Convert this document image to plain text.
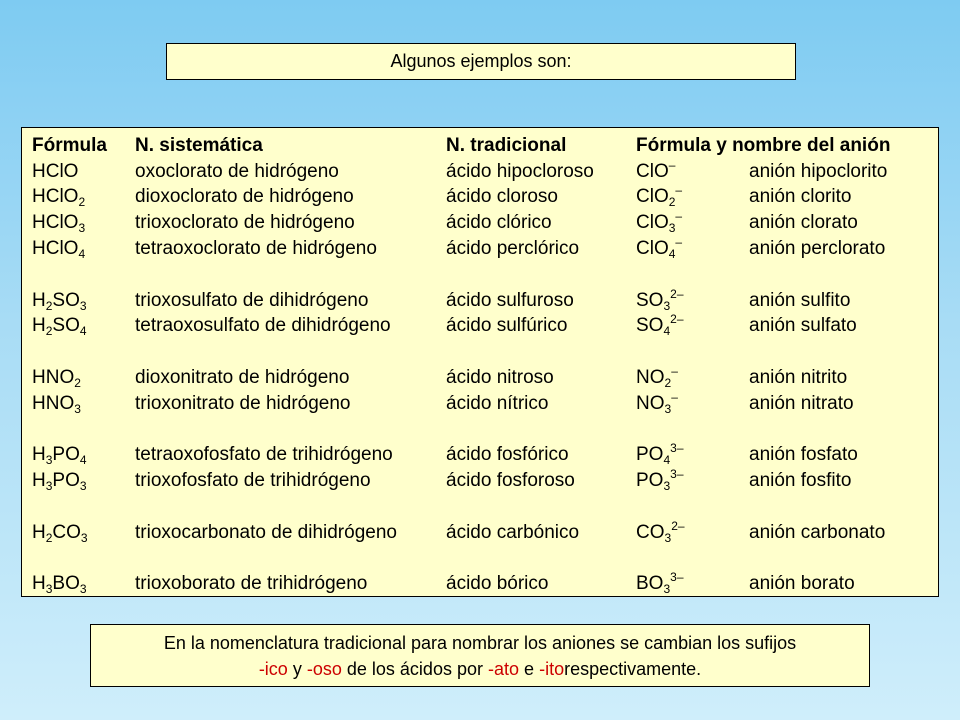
Algunos ejemplos son:
Fórmula	N. sistemática	N. tradicional	Fórmula y nombre del anión	
HClO	oxoclorato de hidrógeno	ácido hipocloroso	ClO–	anión hipoclorito
HClO$_2$	dioxoclorato de hidrógeno	ácido cloroso	ClO$_2$–	anión clorito
HClO$_3$	trioxoclorato de hidrógeno	ácido clórico	ClO$_3$–	anión clorato
HClO$_4$	tetraoxoclorato de hidrógeno	ácido perclórico	ClO$_4$–	anión perclorato

$H_2SO_3$	trioxosulfato de dihidrógeno	ácido sulfuroso	$SO_3^{2-}$	anión sulfito
$H_2SO_4$	tetraoxosulfato de dihidrógeno	ácido sulfúrico	$SO_4^{2-}$	anión sulfato

$HNO_2$	dioxonitrato de hidrógeno	ácido nitroso	$NO_2^-$	anión nitrito
$HNO_3$	trioxonitrato de hidrógeno	ácido nítrico	$NO_3^-$	anión nitrato

$H_3PO_4$	tetraoxofosfato de trihidrógeno	ácido fosfórico	$PO_4^{3-}$	anión fosfato
$H_3PO_3$	trioxofosfato de trihidrógeno	ácido fosforoso	$PO_3^{3-}$	anión fosfito

$H_2CO_3$	trioxocarbonato de dihidrógeno	ácido carbónico	$CO_3^{2-}$	anión carbonato

$H_3BO_3$	trioxoborato de trihidrógeno	ácido bórico	$BO_3^{3-}$	anión borato
En la nomenclatura tradicional para nombrar los aniones se cambian los sufijos
-ico y -oso de los ácidos por -ato e -itorespectivamente.
